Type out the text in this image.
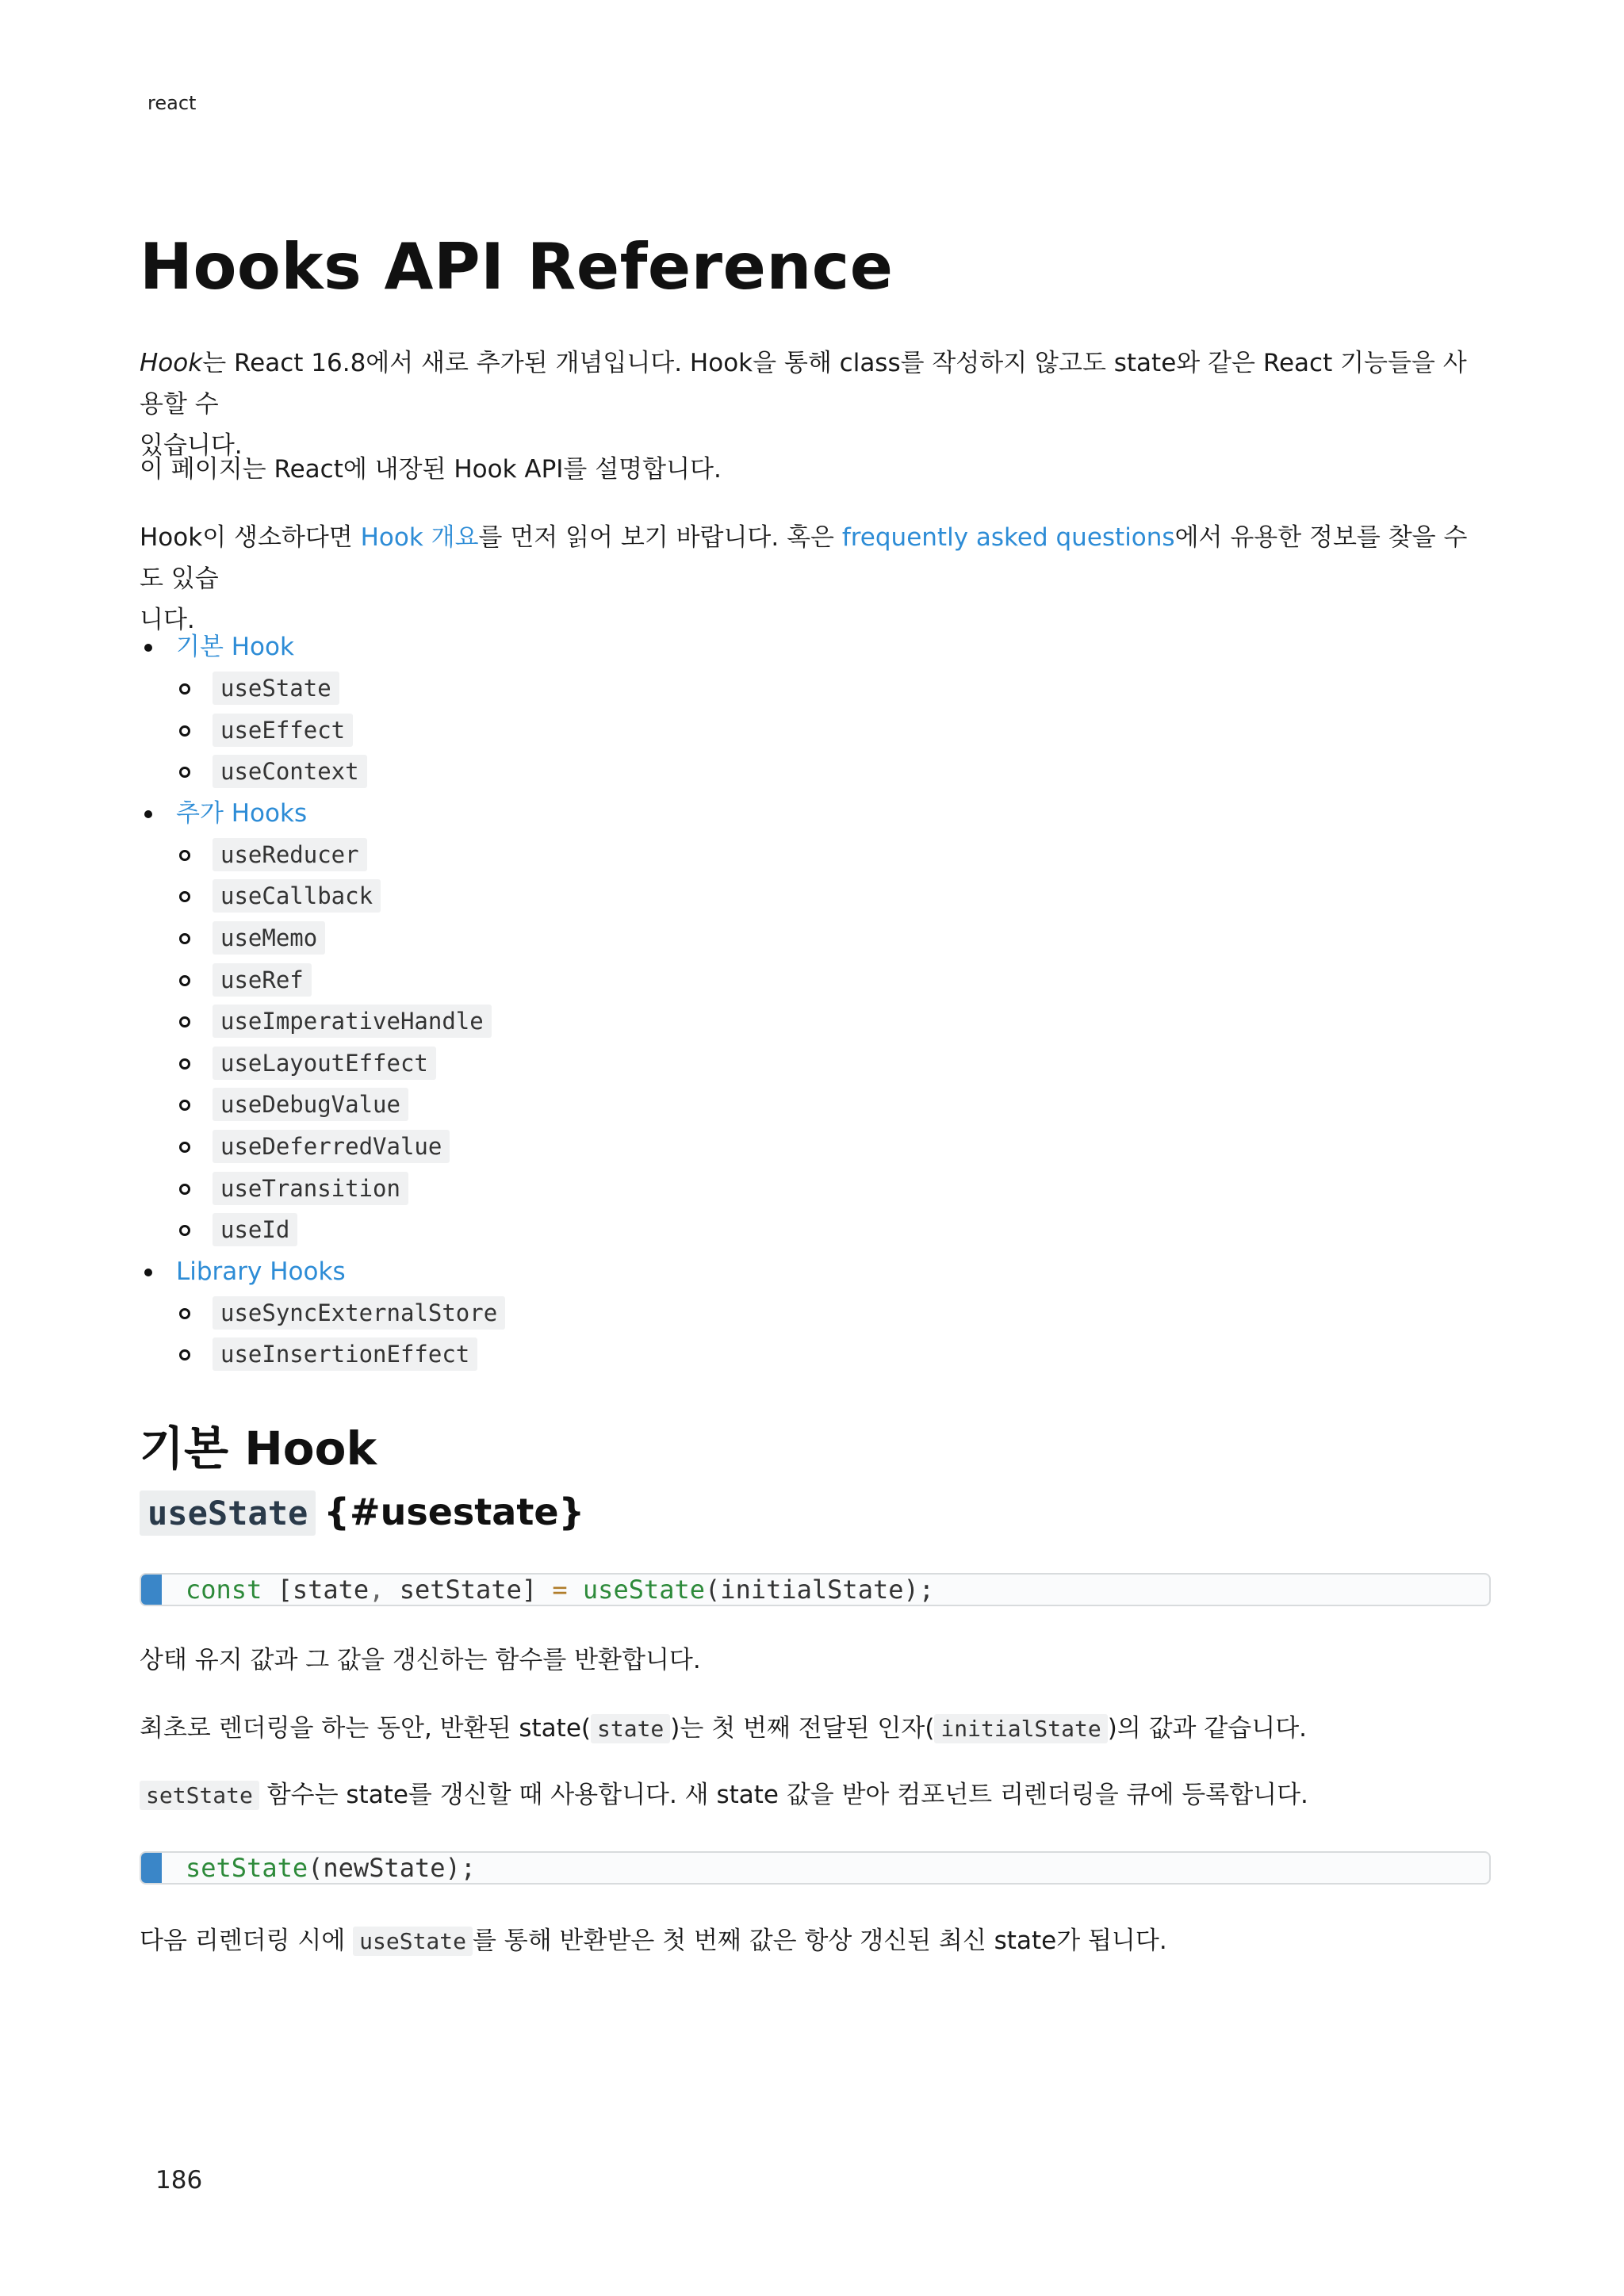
react
Hooks API Reference

Hook는 React 16.8에서 새로 추가된 개념입니다. Hook을 통해 class를 작성하지 않고도 state와 같은 React 기능들을 사용할 수
있습니다.

이 페이지는 React에 내장된 Hook API를 설명합니다.

Hook이 생소하다면 Hook 개요를 먼저 읽어 보기 바랍니다. 혹은 frequently asked questions에서 유용한 정보를 찾을 수도 있습
니다.

기본 Hook
useState
useEffect
useContext
추가 Hooks
useReducer
useCallback
useMemo
useRef
useImperativeHandle
useLayoutEffect
useDebugValue
useDeferredValue
useTransition
useId
Library Hooks
useSyncExternalStore
useInsertionEffect
기본 Hook
useState {#usestate}

const [state, setState] = useState(initialState);

상태 유지 값과 그 값을 갱신하는 함수를 반환합니다.

최초로 렌더링을 하는 동안, 반환된 state( state )는 첫 번째 전달된 인자( initialState )의 값과 같습니다.

setState 함수는 state를 갱신할 때 사용합니다. 새 state 값을 받아 컴포넌트 리렌더링을 큐에 등록합니다.

setState(newState);

다음 리렌더링 시에 useState 를 통해 반환받은 첫 번째 값은 항상 갱신된 최신 state가 됩니다.

186
